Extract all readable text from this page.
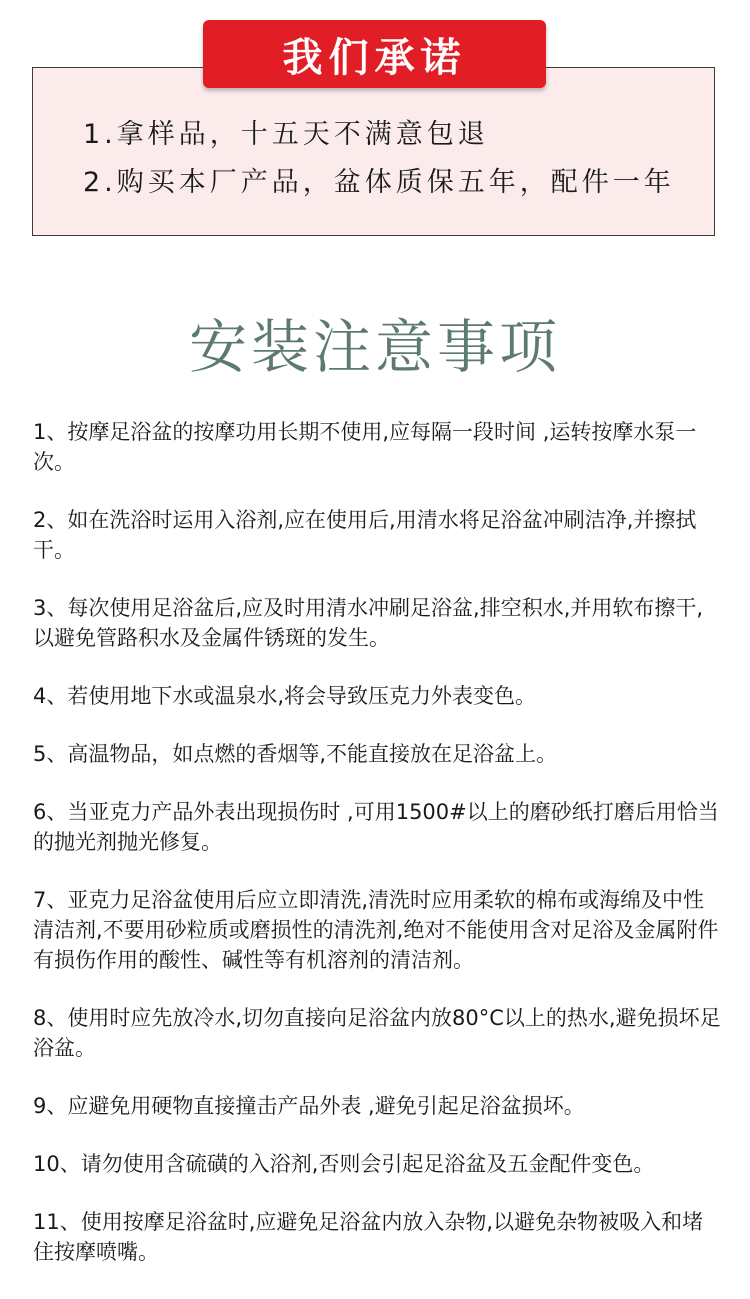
1.拿样品，十五天不满意包退
2.购买本厂产品，盆体质保五年，配件一年
我们承诺
安装注意事项
1、按摩足浴盆的按摩功用长期不使用,应每隔一段时间 ,运转按摩水泵一次。
2、如在洗浴时运用入浴剂,应在使用后,用清水将足浴盆冲刷洁净,并擦拭干。
3、每次使用足浴盆后,应及时用清水冲刷足浴盆,排空积水,并用软布擦干,以避免管路积水及金属件锈斑的发生。
4、若使用地下水或温泉水,将会导致压克力外表变色。
5、高温物品，如点燃的香烟等,不能直接放在足浴盆上。
6、当亚克力产品外表出现损伤时 ,可用1500#以上的磨砂纸打磨后用恰当的抛光剂抛光修复。
7、亚克力足浴盆使用后应立即清洗,清洗时应用柔软的棉布或海绵及中性清洁剂,不要用砂粒质或磨损性的清洗剂,绝对不能使用含对足浴及金属附件有损伤作用的酸性、碱性等有机溶剂的清洁剂。
8、使用时应先放冷水,切勿直接向足浴盆内放80°C以上的热水,避免损坏足浴盆。
9、应避免用硬物直接撞击产品外表 ,避免引起足浴盆损坏。
10、请勿使用含硫磺的入浴剂,否则会引起足浴盆及五金配件变色。
11、使用按摩足浴盆时,应避免足浴盆内放入杂物,以避免杂物被吸入和堵住按摩喷嘴。
